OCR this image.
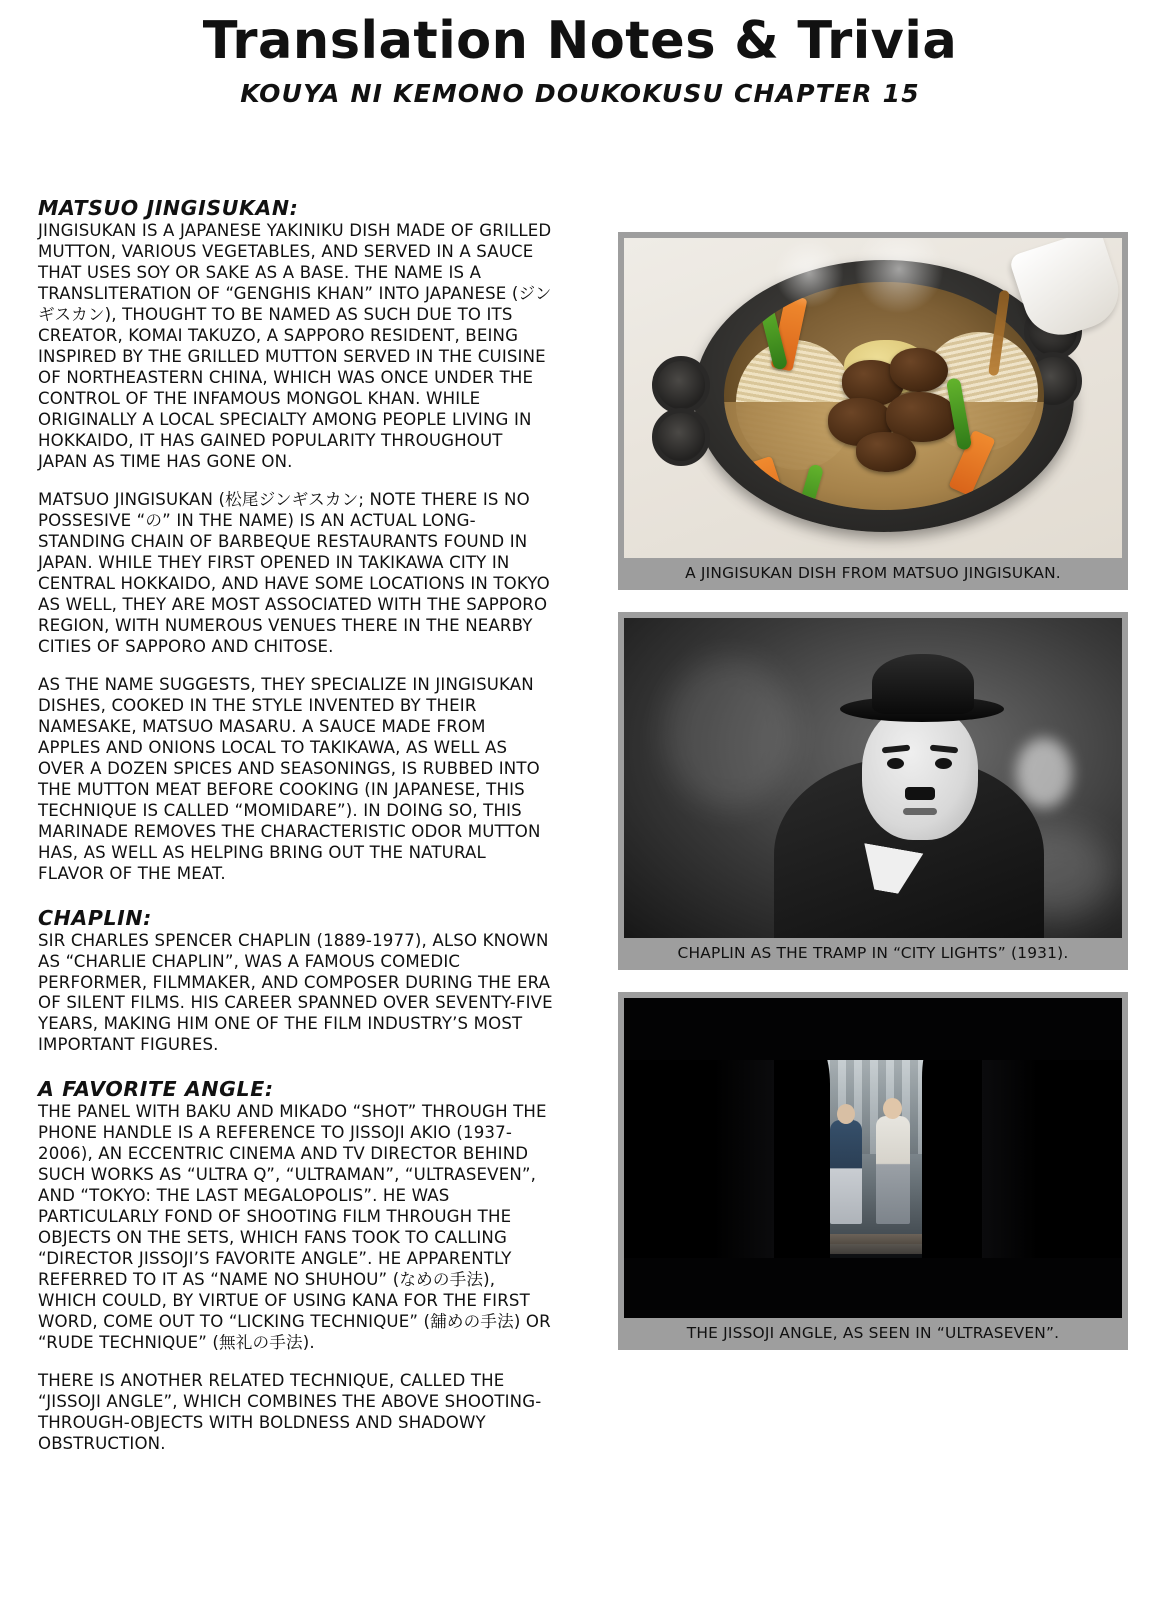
Translation Notes & Trivia
KOUYA NI KEMONO DOUKOKUSU CHAPTER 15
MATSUO JINGISUKAN:

JINGISUKAN IS A JAPANESE YAKINIKU DISH MADE OF GRILLED MUTTON, VARIOUS VEGETABLES, AND SERVED IN A SAUCE THAT USES SOY OR SAKE AS A BASE. THE NAME IS A TRANSLITERATION OF “GENGHIS KHAN” INTO JAPANESE (ジンギスカン), THOUGHT TO BE NAMED AS SUCH DUE TO ITS CREATOR, KOMAI TAKUZO, A SAPPORO RESIDENT, BEING INSPIRED BY THE GRILLED MUTTON SERVED IN THE CUISINE OF NORTHEASTERN CHINA, WHICH WAS ONCE UNDER THE CONTROL OF THE INFAMOUS MONGOL KHAN. WHILE ORIGINALLY A LOCAL SPECIALTY AMONG PEOPLE LIVING IN HOKKAIDO, IT HAS GAINED POPULARITY THROUGHOUT JAPAN AS TIME HAS GONE ON.

MATSUO JINGISUKAN (松尾ジンギスカン; NOTE THERE IS NO POSSESIVE “の” IN THE NAME) IS AN ACTUAL LONG-STANDING CHAIN OF BARBEQUE RESTAURANTS FOUND IN JAPAN. WHILE THEY FIRST OPENED IN TAKIKAWA CITY IN CENTRAL HOKKAIDO, AND HAVE SOME LOCATIONS IN TOKYO AS WELL, THEY ARE MOST ASSOCIATED WITH THE SAPPORO REGION, WITH NUMEROUS VENUES THERE IN THE NEARBY CITIES OF SAPPORO AND CHITOSE.

AS THE NAME SUGGESTS, THEY SPECIALIZE IN JINGISUKAN DISHES, COOKED IN THE STYLE INVENTED BY THEIR NAMESAKE, MATSUO MASARU. A SAUCE MADE FROM APPLES AND ONIONS LOCAL TO TAKIKAWA, AS WELL AS OVER A DOZEN SPICES AND SEASONINGS, IS RUBBED INTO THE MUTTON MEAT BEFORE COOKING (IN JAPANESE, THIS TECHNIQUE IS CALLED “MOMIDARE”). IN DOING SO, THIS MARINADE REMOVES THE CHARACTERISTIC ODOR MUTTON HAS, AS WELL AS HELPING BRING OUT THE NATURAL FLAVOR OF THE MEAT.

CHAPLIN:

SIR CHARLES SPENCER CHAPLIN (1889-1977), ALSO KNOWN AS “CHARLIE CHAPLIN”, WAS A FAMOUS COMEDIC PERFORMER, FILMMAKER, AND COMPOSER DURING THE ERA OF SILENT FILMS. HIS CAREER SPANNED OVER SEVENTY-FIVE YEARS, MAKING HIM ONE OF THE FILM INDUSTRY’S MOST IMPORTANT FIGURES.

A FAVORITE ANGLE:

THE PANEL WITH BAKU AND MIKADO “SHOT” THROUGH THE PHONE HANDLE IS A REFERENCE TO JISSOJI AKIO (1937-2006), AN ECCENTRIC CINEMA AND TV DIRECTOR BEHIND SUCH WORKS AS “ULTRA Q”, “ULTRAMAN”, “ULTRASEVEN”, AND “TOKYO: THE LAST MEGALOPOLIS”. HE WAS PARTICULARLY FOND OF SHOOTING FILM THROUGH THE OBJECTS ON THE SETS, WHICH FANS TOOK TO CALLING “DIRECTOR JISSOJI’S FAVORITE ANGLE”. HE APPARENTLY REFERRED TO IT AS “NAME NO SHUHOU” (なめの手法), WHICH COULD, BY VIRTUE OF USING KANA FOR THE FIRST WORD, COME OUT TO “LICKING TECHNIQUE” (舖めの手法) OR “RUDE TECHNIQUE” (無礼の手法).

THERE IS ANOTHER RELATED TECHNIQUE, CALLED THE “JISSOJI ANGLE”, WHICH COMBINES THE ABOVE SHOOTING-THROUGH-OBJECTS WITH BOLDNESS AND SHADOWY OBSTRUCTION.

A JINGISUKAN DISH FROM MATSUO JINGISUKAN.
CHAPLIN AS THE TRAMP IN “CITY LIGHTS” (1931).
THE JISSOJI ANGLE, AS SEEN IN “ULTRASEVEN”.
